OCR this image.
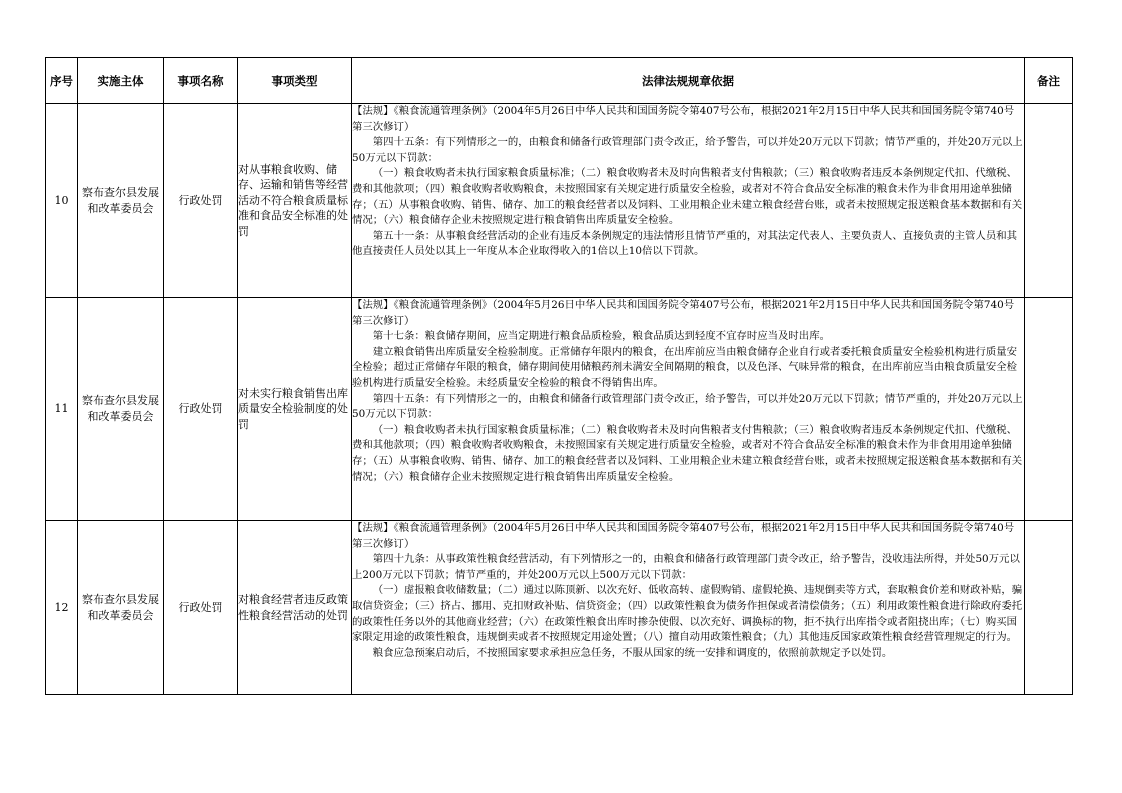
序号	实施主体	事项名称	事项类型	法律法规规章依据	备注
10	察布查尔县发展和改革委员会	行政处罚	对从事粮食收购、储存、运输和销售等经营活动不符合粮食质量标准和食品安全标准的处罚	【法规】《粮食流通管理条例》（2004年5月26日中华人民共和国国务院令第407号公布，根据2021年2月15日中华人民共和国国务院令第740号第三次修订）

第四十五条：有下列情形之一的，由粮食和储备行政管理部门责令改正，给予警告，可以并处20万元以下罚款；情节严重的，并处20万元以上50万元以下罚款：

（一）粮食收购者未执行国家粮食质量标准；（二）粮食收购者未及时向售粮者支付售粮款；（三）粮食收购者违反本条例规定代扣、代缴税、费和其他款项；（四）粮食收购者收购粮食，未按照国家有关规定进行质量安全检验，或者对不符合食品安全标准的粮食未作为非食用用途单独储存；（五）从事粮食收购、销售、储存、加工的粮食经营者以及饲料、工业用粮企业未建立粮食经营台账，或者未按照规定报送粮食基本数据和有关情况；（六）粮食储存企业未按照规定进行粮食销售出库质量安全检验。

第五十一条：从事粮食经营活动的企业有违反本条例规定的违法情形且情节严重的，对其法定代表人、主要负责人、直接负责的主管人员和其他直接责任人员处以其上一年度从本企业取得收入的1倍以上10倍以下罚款。	

11	察布查尔县发展和改革委员会	行政处罚	对未实行粮食销售出库质量安全检验制度的处罚	【法规】《粮食流通管理条例》（2004年5月26日中华人民共和国国务院令第407号公布，根据2021年2月15日中华人民共和国国务院令第740号第三次修订）

第十七条：粮食储存期间，应当定期进行粮食品质检验，粮食品质达到轻度不宜存时应当及时出库。

建立粮食销售出库质量安全检验制度。正常储存年限内的粮食，在出库前应当由粮食储存企业自行或者委托粮食质量安全检验机构进行质量安全检验；超过正常储存年限的粮食，储存期间使用储粮药剂未满安全间隔期的粮食，以及色泽、气味异常的粮食，在出库前应当由粮食质量安全检验机构进行质量安全检验。未经质量安全检验的粮食不得销售出库。

第四十五条：有下列情形之一的，由粮食和储备行政管理部门责令改正，给予警告，可以并处20万元以下罚款；情节严重的，并处20万元以上50万元以下罚款：

（一）粮食收购者未执行国家粮食质量标准；（二）粮食收购者未及时向售粮者支付售粮款；（三）粮食收购者违反本条例规定代扣、代缴税、费和其他款项；（四）粮食收购者收购粮食，未按照国家有关规定进行质量安全检验，或者对不符合食品安全标准的粮食未作为非食用用途单独储存；（五）从事粮食收购、销售、储存、加工的粮食经营者以及饲料、工业用粮企业未建立粮食经营台账，或者未按照规定报送粮食基本数据和有关情况；（六）粮食储存企业未按照规定进行粮食销售出库质量安全检验。	

12	察布查尔县发展和改革委员会	行政处罚	对粮食经营者违反政策性粮食经营活动的处罚	【法规】《粮食流通管理条例》（2004年5月26日中华人民共和国国务院令第407号公布，根据2021年2月15日中华人民共和国国务院令第740号第三次修订）

第四十九条：从事政策性粮食经营活动，有下列情形之一的，由粮食和储备行政管理部门责令改正，给予警告，没收违法所得，并处50万元以上200万元以下罚款；情节严重的，并处200万元以上500万元以下罚款：

（一）虚报粮食收储数量；（二）通过以陈顶新、以次充好、低收高转、虚假购销、虚假轮换、违规倒卖等方式，套取粮食价差和财政补贴，骗取信贷资金；（三）挤占、挪用、克扣财政补贴、信贷资金；（四）以政策性粮食为债务作担保或者清偿债务；（五）利用政策性粮食进行除政府委托的政策性任务以外的其他商业经营；（六）在政策性粮食出库时掺杂使假、以次充好、调换标的物，拒不执行出库指令或者阻挠出库；（七）购买国家限定用途的政策性粮食，违规倒卖或者不按照规定用途处置；（八）擅自动用政策性粮食；（九）其他违反国家政策性粮食经营管理规定的行为。

粮食应急预案启动后，不按照国家要求承担应急任务，不服从国家的统一安排和调度的，依照前款规定予以处罚。	
